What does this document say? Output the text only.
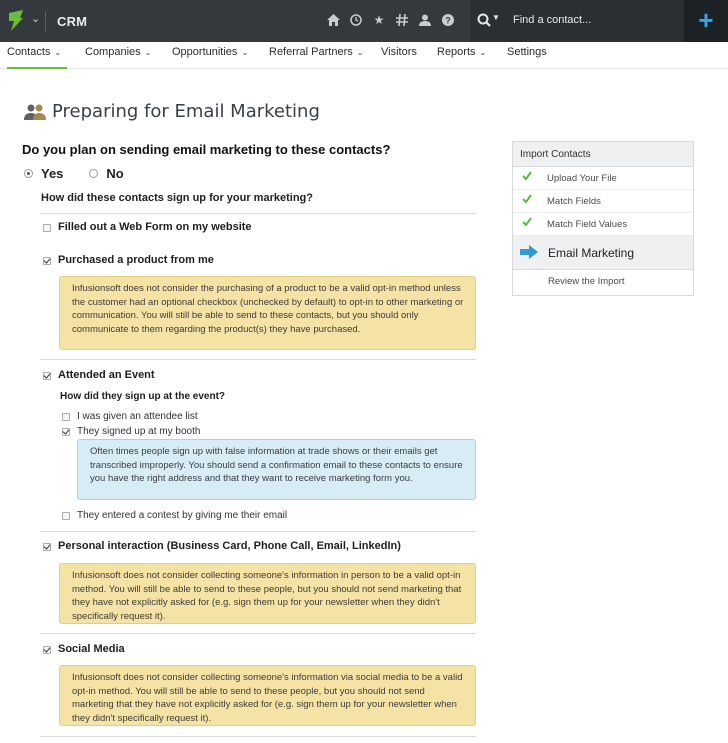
⌄ CRM	★	?	▼ Find a contact...	+
Contacts ⌄ Companies ⌄ Opportunities ⌄ Referral Partners ⌄ Visitors Reports ⌄ Settings
Preparing for Email Marketing
Do you plan on sending email marketing to these contacts?
Yes	No
How did these contacts sign up for your marketing?
Filled out a Web Form on my website
Purchased a product from me
Infusionsoft does not consider the purchasing of a product to be a valid opt-in method unless the customer had an optional checkbox (unchecked by default) to opt-in to other marketing or communication. You will still be able to send to these contacts, but you should only communicate to them regarding the product(s) they have purchased.
Attended an Event
How did they sign up at the event?
I was given an attendee list
They signed up at my booth
Often times people sign up with false information at trade shows or their emails get transcribed improperly. You should send a confirmation email to these contacts to ensure you have the right address and that they want to receive marketing form you.
They entered a contest by giving me their email
Personal interaction (Business Card, Phone Call, Email, LinkedIn)
Infusionsoft does not consider collecting someone's information in person to be a valid opt-in method. You will still be able to send to these people, but you should not send marketing that they have not explicitly asked for (e.g. sign them up for your newsletter when they didn't specifically request it).
Social Media
Infusionsoft does not consider collecting someone's information via social media to be a valid opt-in method. You will still be able to send to these people, but you should not send marketing that they have not explicitly asked for (e.g. sign them up for your newsletter when they didn't specifically request it).
Import Contacts
Upload Your File
Match Fields
Match Field Values
Email Marketing
Review the Import
